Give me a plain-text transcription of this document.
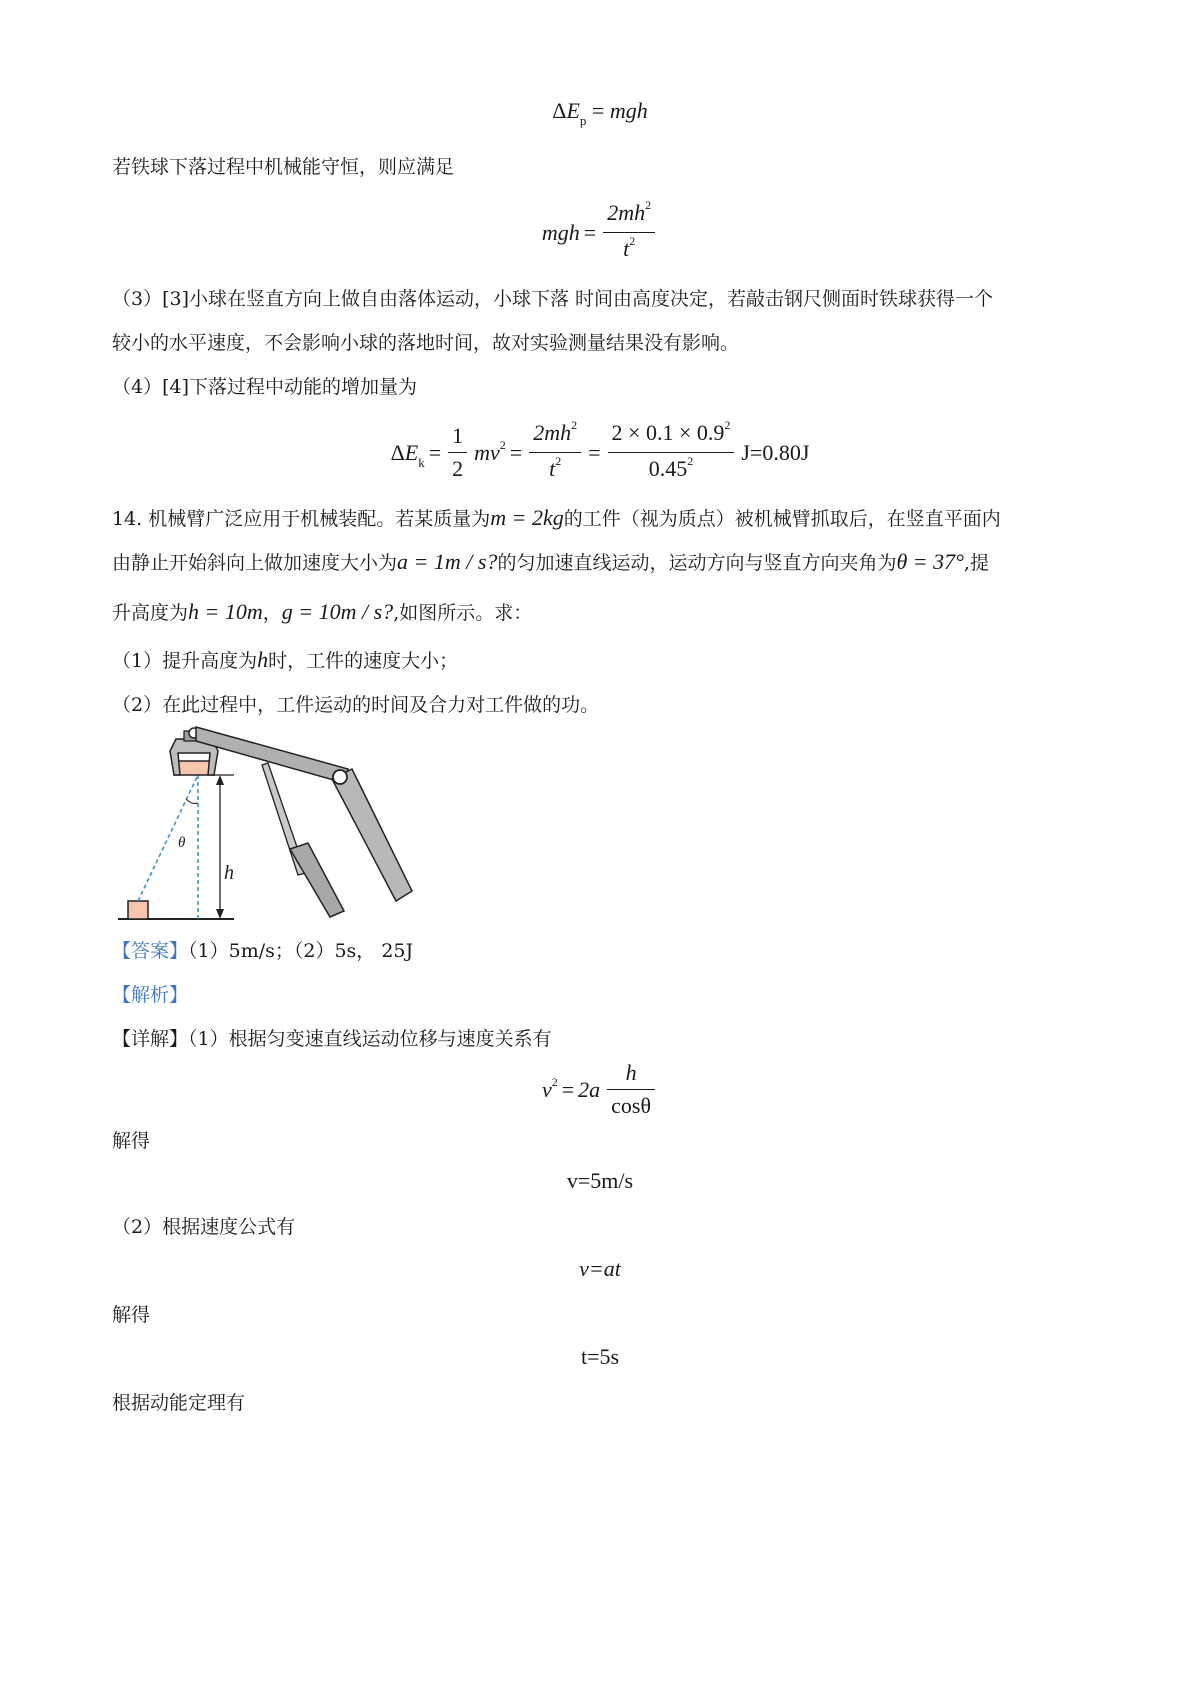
$\Delta E_p$ = mgh
若铁球下落过程中机械能守恒，则应满足
mgh = $\frac{2mh^2}{t^2}$
（3）[3]小球在竖直方向上做自由落体运动，小球下落 时间由高度决定，若敲击钢尺侧面时铁球获得一个
较小的水平速度，不会影响小球的落地时间，故对实验测量结果没有影响。
（4）[4]下落过程中动能的增加量为
$\Delta E_k = \frac{1}{2} mv^2 = \frac{2mh^2}{t^2} = \frac{2 \times 0.1 \times 0.9^2}{0.45^2} J=0.80J$
14. 机械臂广泛应用于机械装配。若某质量为m = 2kg的工件（视为质点）被机械臂抓取后，在竖直平面内
由静止开始斜向上做加速度大小为a = 1m / s?的匀加速直线运动，运动方向与竖直方向夹角为θ = 37°,提
升高度为h = 10m，g = 10m / s?,如图所示。求：
（1）提升高度为h时，工件的速度大小；
（2）在此过程中，工件运动的时间及合力对工件做的功。
θ
h
【答案】（1）5m/s；（2）5s， 25J
【解析】
【详解】（1）根据匀变速直线运动位移与速度关系有
$v^2 = 2a \frac{h}{\cos\theta}$
解得
v=5m/s
（2）根据速度公式有
v=at
解得
t=5s
根据动能定理有
